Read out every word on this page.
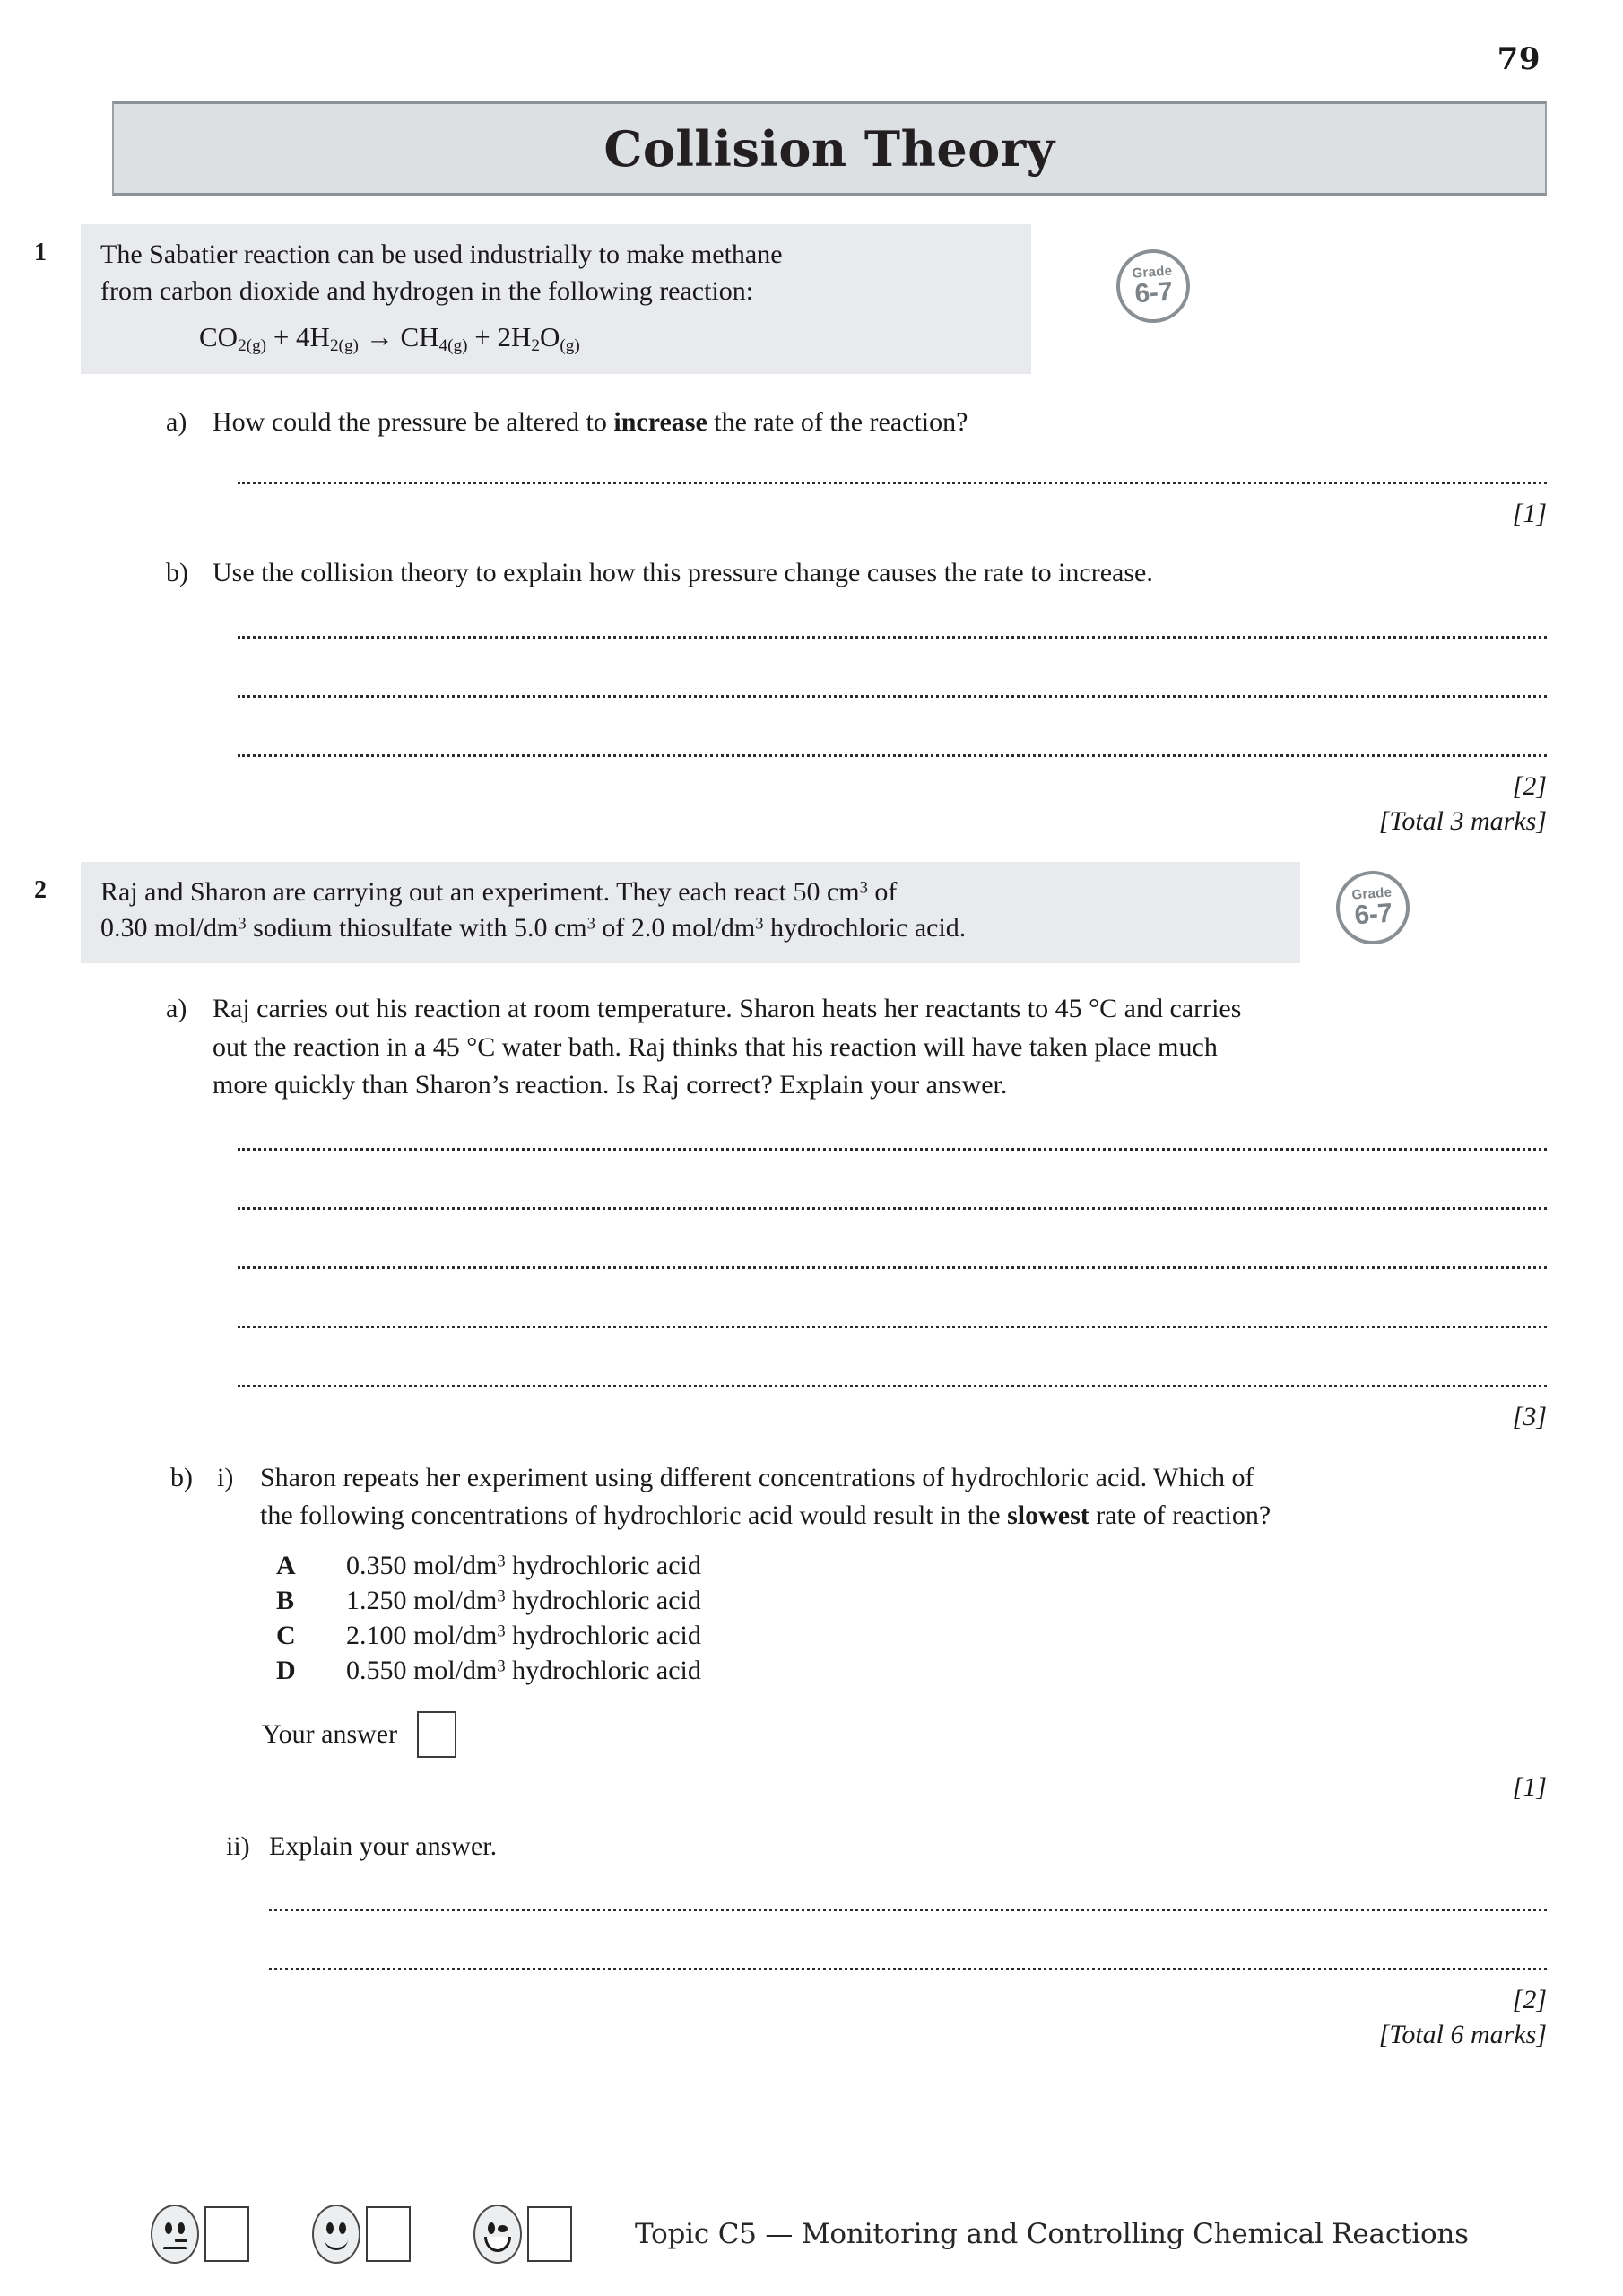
79
Collision Theory
1	The Sabatier reaction can be used industrially to make methane

from carbon dioxide and hydrogen in the following reaction:

$CO_{2(g)} + 4H_{2(g)} \to CH_{4(g)} + 2H_2O_{(g)}$
Grade
6-7
a) How could the pressure be altered to increase the rate of the reaction?

[1]
b) Use the collision theory to explain how this pressure change causes the rate to increase.
[2]
[Total 3 marks]
2	Raj and Sharon are carrying out an experiment. They each react 50 $cm^3$ of

0.30 mol/$dm^3$ sodium thiosulfate with 5.0 $cm^3$ of 2.0 mol/$dm^3$ hydrochloric acid.

Grade
6-7
a) Raj carries out his reaction at room temperature. Sharon heats her reactants to 45 °C and carries

out the reaction in a 45 °C water bath. Raj thinks that his reaction will have taken place much

more quickly than Sharon’s reaction. Is Raj correct? Explain your answer.

[3]
b) i) Sharon repeats her experiment using different concentrations of hydrochloric acid. Which of

the following concentrations of hydrochloric acid would result in the slowest rate of reaction?

A	0.350 mol/$dm^3$ hydrochloric acid
B	1.250 mol/$dm^3$ hydrochloric acid
C	2.100 mol/$dm^3$ hydrochloric acid
D	0.550 mol/$dm^3$ hydrochloric acid
Your answer
[1]
ii) Explain your answer.
[2]
[Total 6 marks]
Topic C5 — Monitoring and Controlling Chemical Reactions
